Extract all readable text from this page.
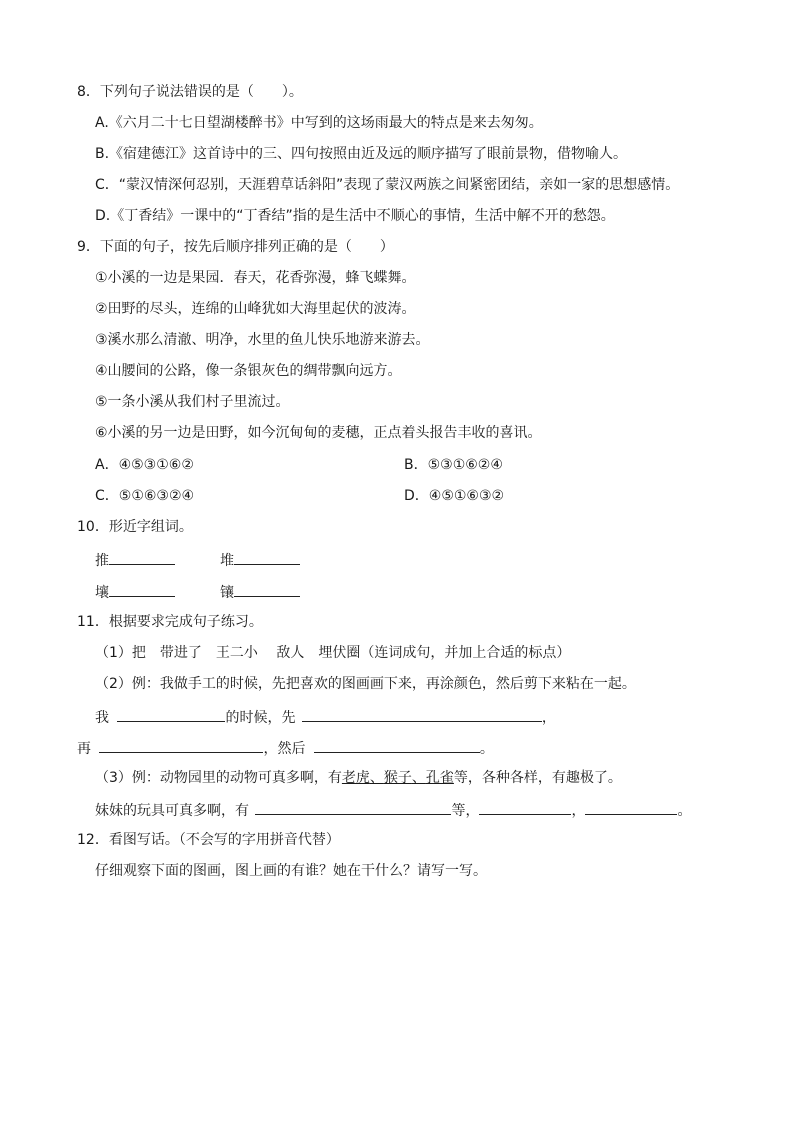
8．下列句子说法错误的是（　　）。
A.《六月二十七日望湖楼醉书》中写到的这场雨最大的特点是来去匆匆。
B.《宿建德江》这首诗中的三、四句按照由近及远的顺序描写了眼前景物，借物喻人。
C．“蒙汉情深何忍别，天涯碧草话斜阳”表现了蒙汉两族之间紧密团结，亲如一家的思想感情。
D.《丁香结》一课中的“丁香结”指的是生活中不顺心的事情，生活中解不开的愁怨。
9．下面的句子，按先后顺序排列正确的是（　　）
①小溪的一边是果园．春天，花香弥漫，蜂飞蝶舞。
②田野的尽头，连绵的山峰犹如大海里起伏的波涛。
③溪水那么清澈、明净，水里的鱼儿快乐地游来游去。
④山腰间的公路，像一条银灰色的绸带飘向远方。
⑤一条小溪从我们村子里流过。
⑥小溪的另一边是田野，如今沉甸甸的麦穗，正点着头报告丰收的喜讯。
A．④⑤③①⑥②	B．⑤③①⑥②④
C．⑤①⑥③②④	D．④⑤①⑥③②
10．形近字组词。
推	堆
壤	镶
11．根据要求完成句子练习。
（1）把　带进了　王二小　 敌人　埋伏圈（连词成句，并加上合适的标点）
（2）例：我做手工的时候，先把喜欢的图画画下来，再涂颜色，然后剪下来粘在一起。
我	的时候，先	，
再	，然后	。
（3）例：动物园里的动物可真多啊，有老虎、猴子、孔雀等，各种各样，有趣极了。
妹妹的玩具可真多啊，有	等，	，	。
12．看图写话。（不会写的字用拼音代替）
仔细观察下面的图画，图上画的有谁？她在干什么？请写一写。
